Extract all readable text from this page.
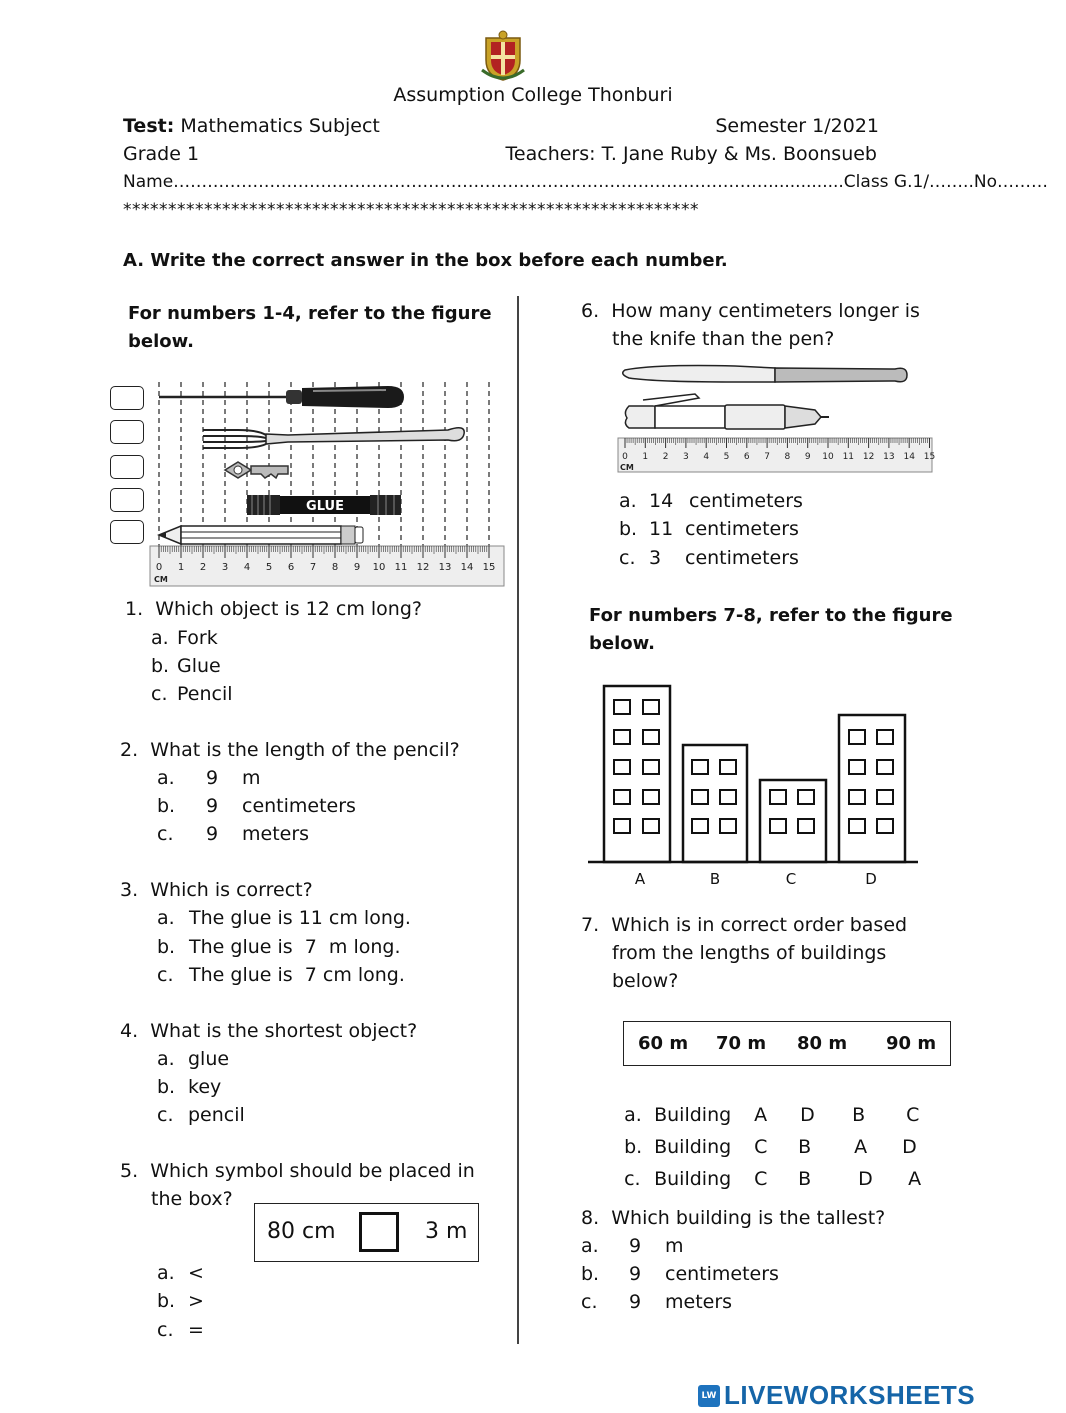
Assumption College Thonburi
Test: Mathematics Subject	Semester 1/2021
Grade 1	Teachers: T. Jane Ruby & Ms. Boonsueb
Name……………………………………………………………………………………………..............Class G.1/……..No………
****************************************************************
A. Write the correct answer in the box before each number.
For numbers 1-4, refer to the figure below.
GLUE
0 1 2 3 4 5 6 7 8 9 10 11 12 13 14 15
CM
1. Which object is 12 cm long?
a. Fork
b. Glue
c. Pencil
2. What is the length of the pencil?
a. 9 m
b. 9 centimeters
c. 9 meters
3. Which is correct?
a. The glue is 11 cm long.
b. The glue is  7  m long.
c. The glue is  7 cm long.
4. What is the shortest object?
a. glue
b. key
c. pencil
5. Which symbol should be placed in
the box?
80 cm	3 m
a. <
b. >
c. =
6. How many centimeters longer is
the knife than the pen?
0 1 2 3 4 5 6 7 8 9 10 11 12 13 14 15
CM
a. 14 centimeters
b. 11 centimeters
c. 3 centimeters
For numbers 7-8, refer to the figure below.
A	B	C	D
7. Which is in correct order based
from the lengths of buildings
below?
60 m 70 m 80 m 90 m

a. Building A D B C

b. Building C B A D

c. Building C B D A

8. Which building is the tallest?
a. 9 m
b. 9 centimeters
c. 9 meters
LW LIVEWORKSHEETS
